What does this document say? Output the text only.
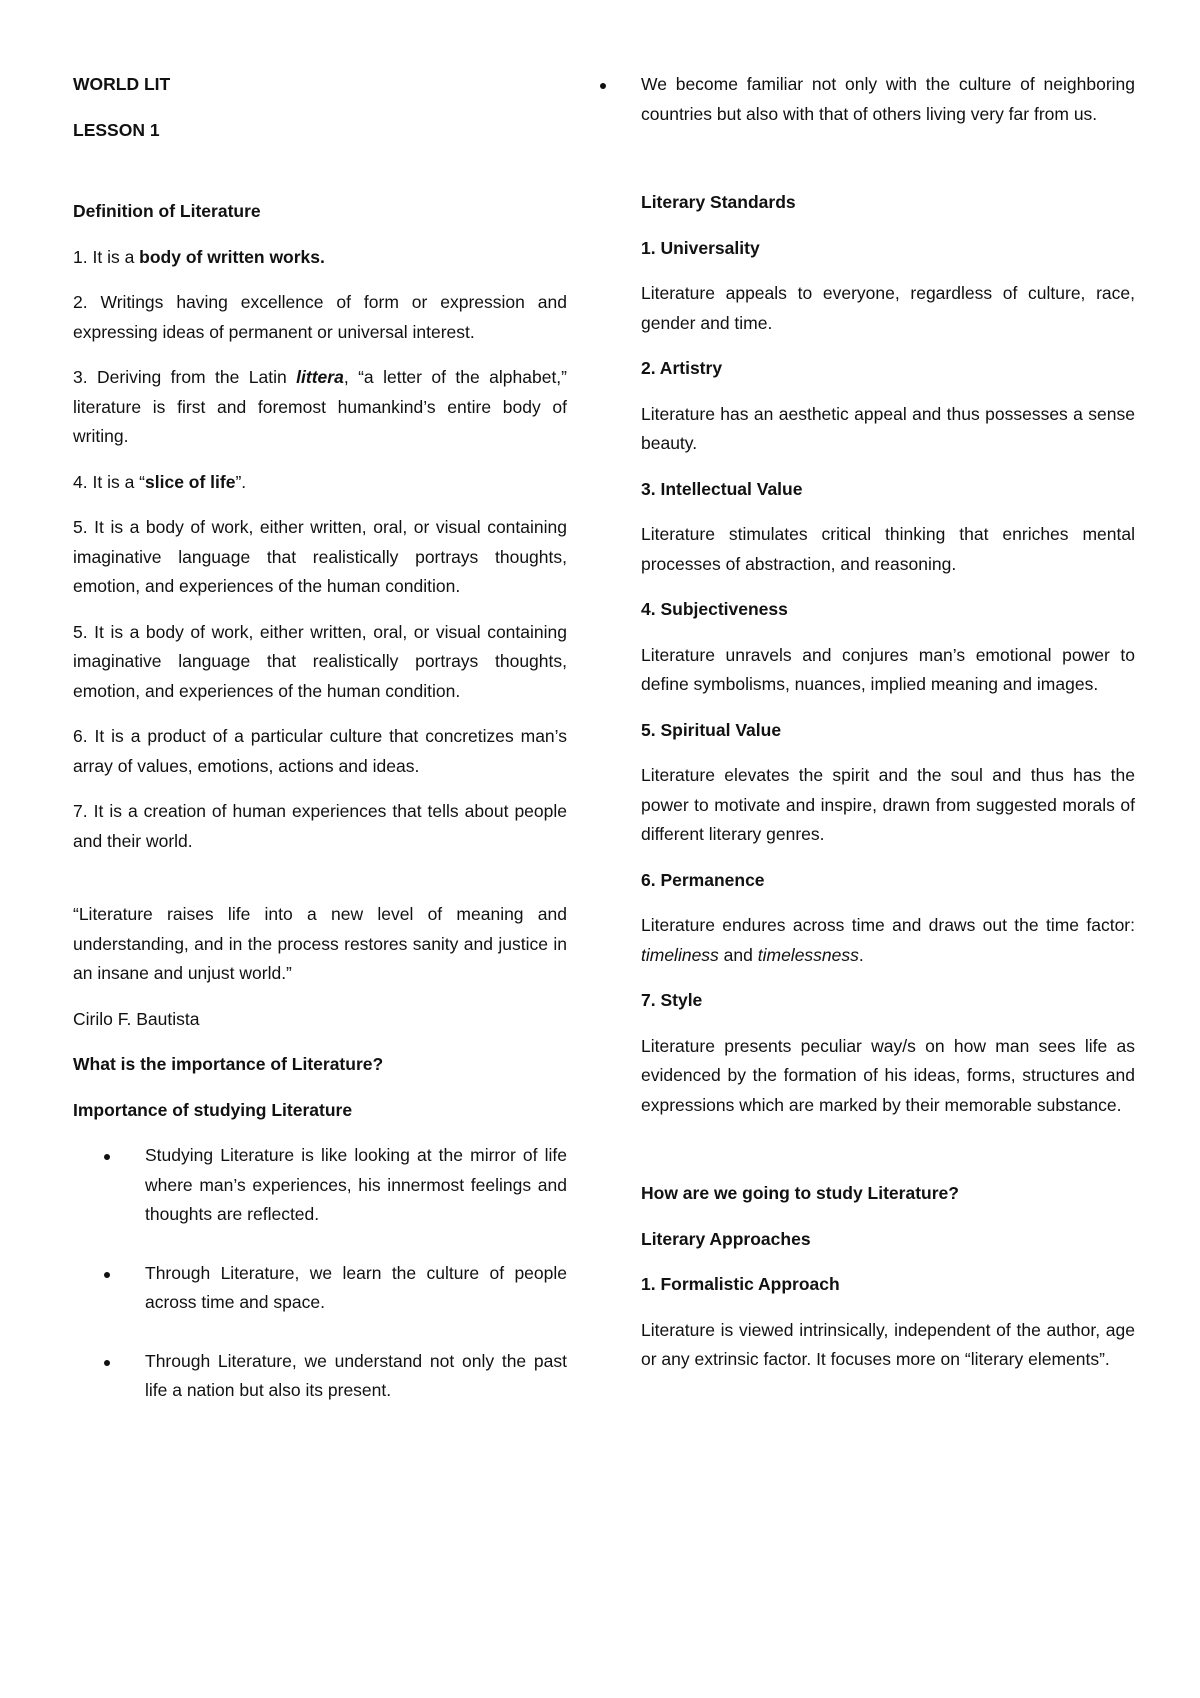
WORLD LIT

LESSON 1

Definition of Literature

1. It is a body of written works.

2. Writings having excellence of form or expression and expressing ideas of permanent or universal interest.

3. Deriving from the Latin littera, “a letter of the alphabet,” literature is first and foremost humankind’s entire body of writing.

4. It is a “slice of life”.

5. It is a body of work, either written, oral, or visual containing imaginative language that realistically portrays thoughts, emotion, and experiences of the human condition.

5. It is a body of work, either written, oral, or visual containing imaginative language that realistically portrays thoughts, emotion, and experiences of the human condition.

6. It is a product of a particular culture that concretizes man’s array of values, emotions, actions and ideas.

7. It is a creation of human experiences that tells about people and their world.

“Literature raises life into a new level of meaning and understanding, and in the process restores sanity and justice in an insane and unjust world.”

Cirilo F. Bautista

What is the importance of Literature?

Importance of studying Literature

Studying Literature is like looking at the mirror of life where man’s experiences, his innermost feelings and thoughts are reflected.
Through Literature, we learn the culture of people across time and space.
Through Literature, we understand not only the past life a nation but also its present.
We become familiar not only with the culture of neighboring countries but also with that of others living very far from us.

Literary Standards

1. Universality

Literature appeals to everyone, regardless of culture, race, gender and time.

2. Artistry

Literature has an aesthetic appeal and thus possesses a sense beauty.

3. Intellectual Value

Literature stimulates critical thinking that enriches mental processes of abstraction, and reasoning.

4. Subjectiveness

Literature unravels and conjures man’s emotional power to define symbolisms, nuances, implied meaning and images.

5. Spiritual Value

Literature elevates the spirit and the soul and thus has the power to motivate and inspire, drawn from suggested morals of different literary genres.

6. Permanence

Literature endures across time and draws out the time factor: timeliness and timelessness.

7. Style

Literature presents peculiar way/s on how man sees life as evidenced by the formation of his ideas, forms, structures and expressions which are marked by their memorable substance.

How are we going to study Literature?

Literary Approaches

1. Formalistic Approach

Literature is viewed intrinsically, independent of the author, age or any extrinsic factor. It focuses more on “literary elements”.
